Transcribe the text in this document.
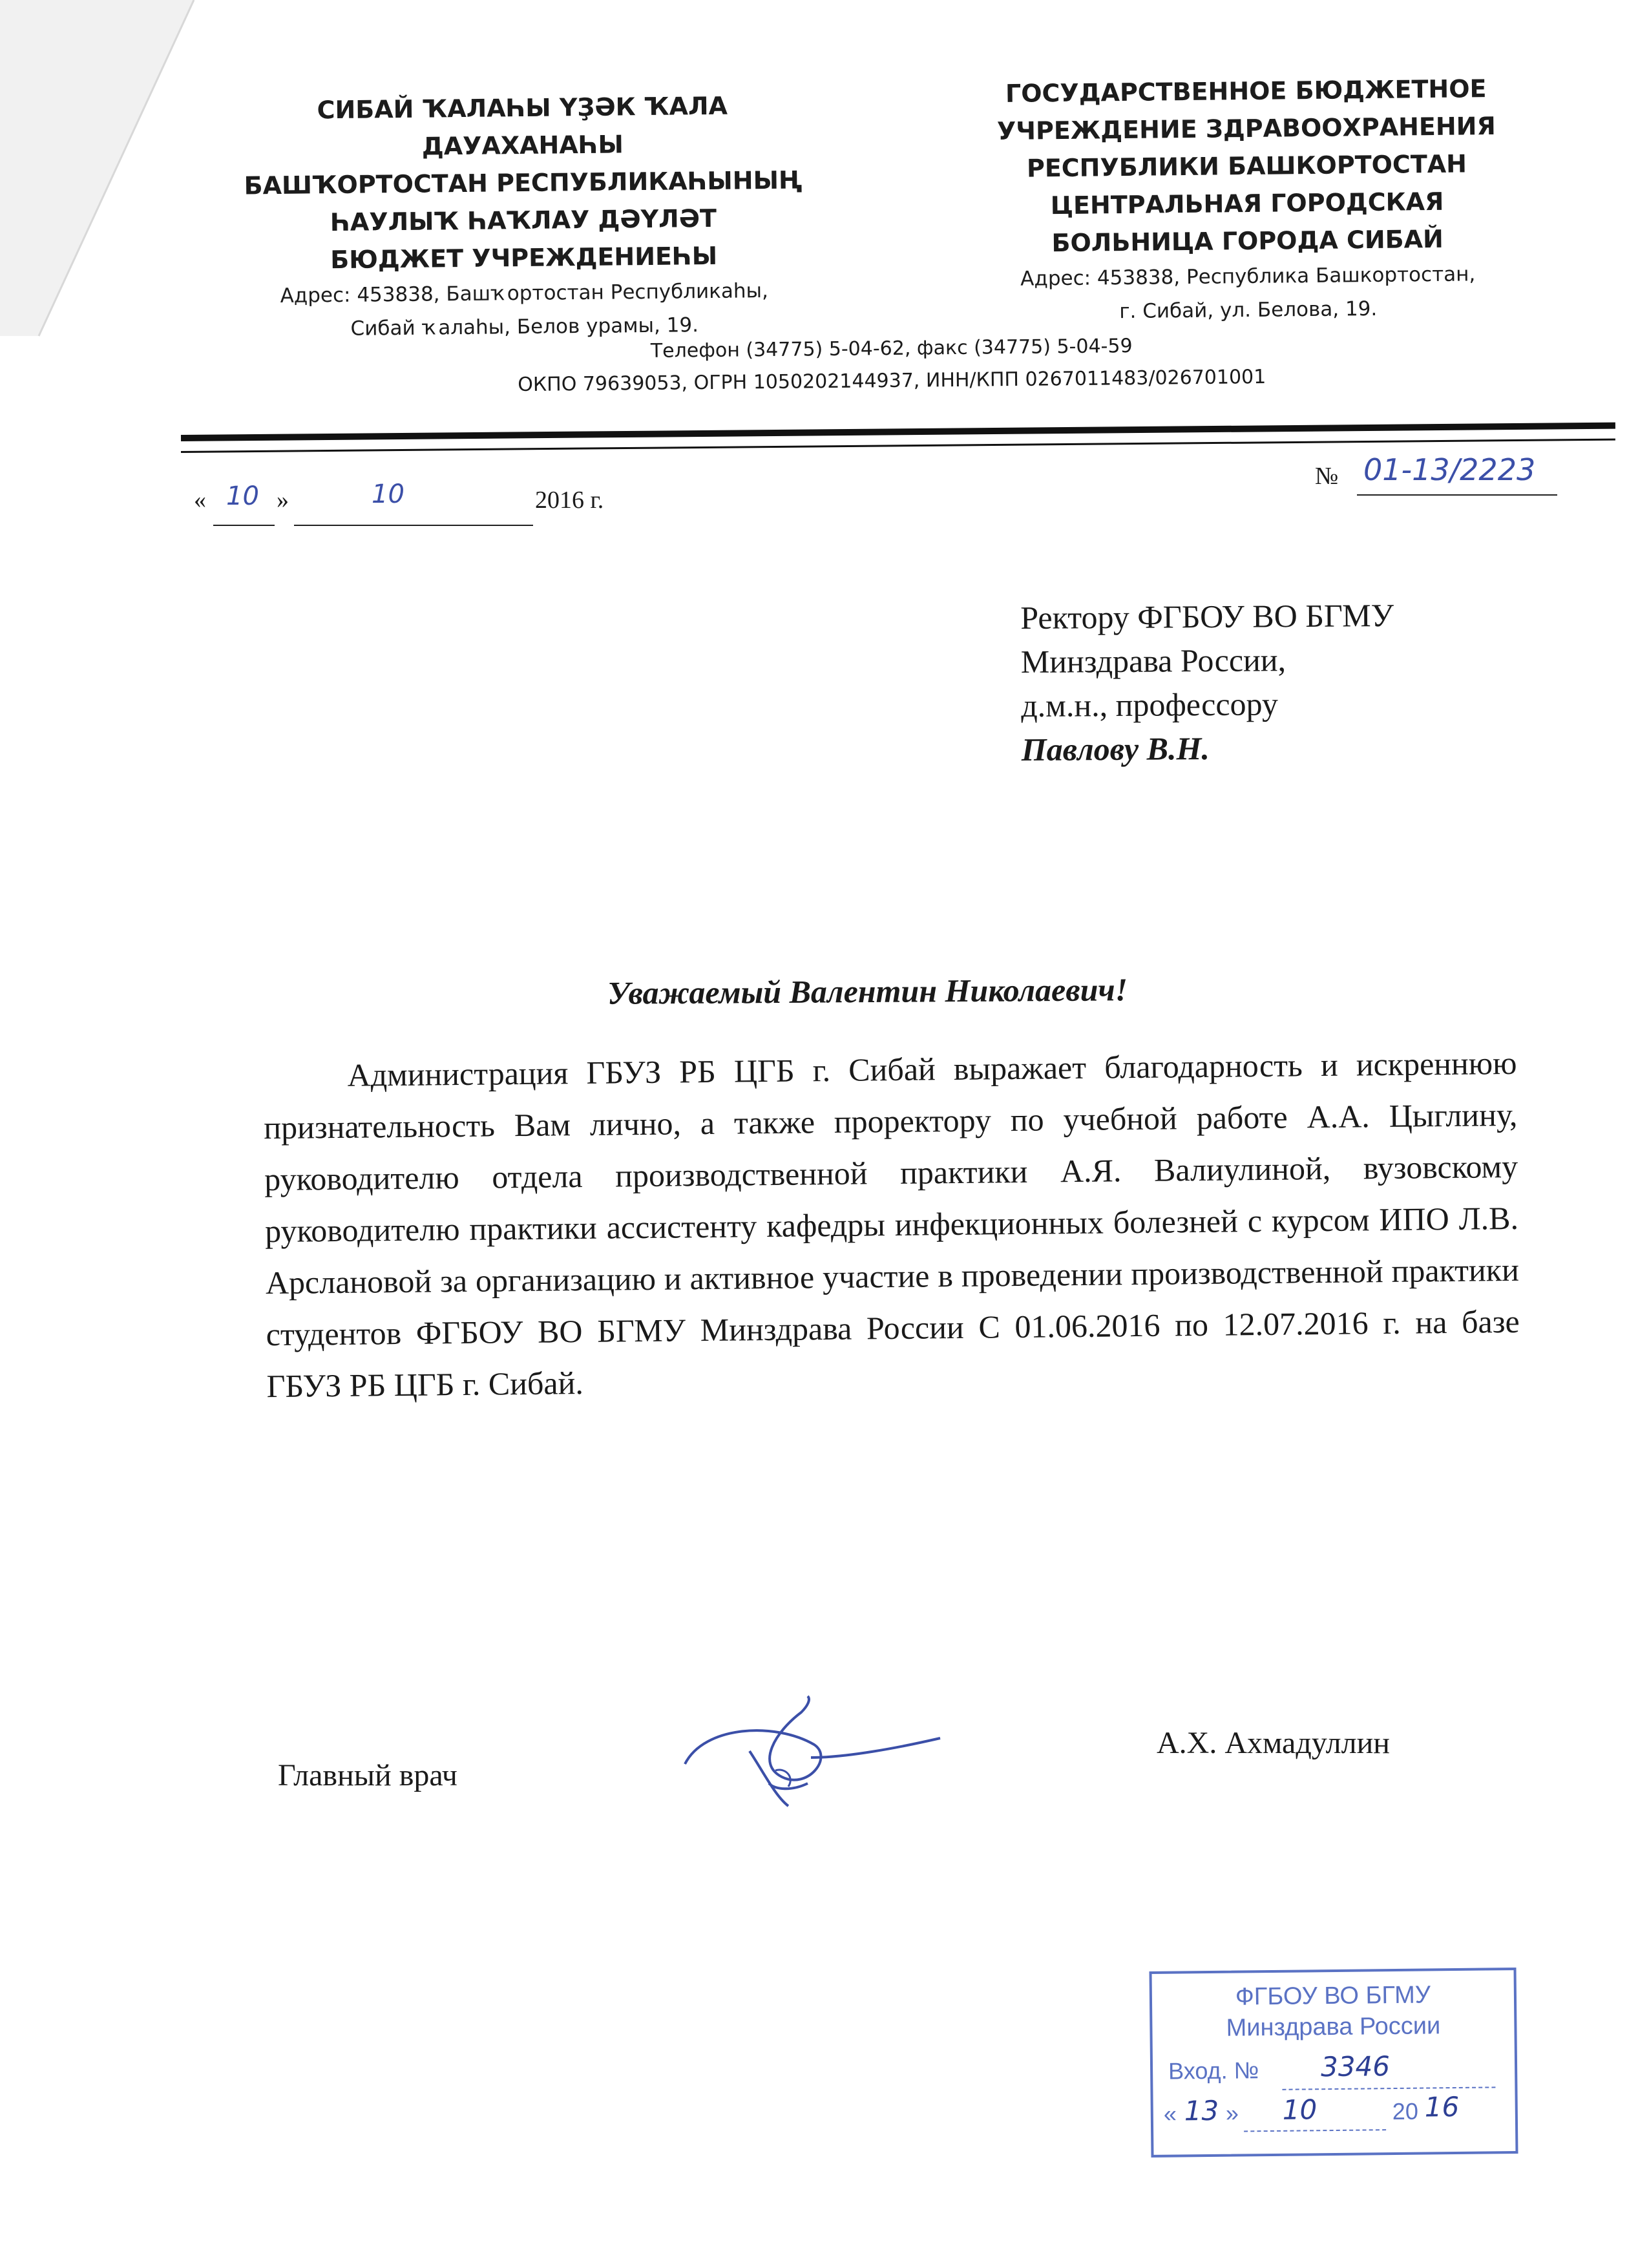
СИБАЙ ҠАЛАҺЫ ҮҘӘК ҠАЛА ДАУАХАНАҺЫ
БАШҠОРТОСТАН РЕСПУБЛИКАҺЫНЫҢ
ҺАУЛЫҠ ҺАҠЛАУ ДӘҮЛӘТ
БЮДЖЕТ УЧРЕЖДЕНИЕҺЫ
Адрес: 453838, Башҡортостан Республикаһы,
Сибай ҡалаһы, Белов урамы, 19.
ГОСУДАРСТВЕННОЕ БЮДЖЕТНОЕ
УЧРЕЖДЕНИЕ ЗДРАВООХРАНЕНИЯ
РЕСПУБЛИКИ БАШКОРТОСТАН
ЦЕНТРАЛЬНАЯ ГОРОДСКАЯ
БОЛЬНИЦА ГОРОДА СИБАЙ
Адрес: 453838, Республика Башкортостан,
г. Сибай, ул. Белова, 19.
Телефон (34775) 5-04-62, факс (34775) 5-04-59
ОКПО 79639053, ОГРН 1050202144937, ИНН/КПП 0267011483/026701001
« 10 »	10	2016 г.
№ 01-13/2223
Ректору ФГБОУ ВО БГМУ
Минздрава России,
д.м.н., профессору
Павлову В.Н.
Уважаемый Валентин Николаевич!
Администрация ГБУЗ РБ ЦГБ г. Сибай выражает благодарность и искреннюю признательность Вам лично, а также проректору по учебной работе А.А. Цыглину, руководителю отдела производственной практики А.Я. Валиулиной, вузовскому руководителю практики ассистенту кафедры инфекционных болезней с курсом ИПО Л.В. Арслановой за организацию и активное участие в проведении производственной практики студентов ФГБОУ ВО БГМУ Минздрава России С 01.06.2016 по 12.07.2016 г. на базе ГБУЗ РБ ЦГБ г. Сибай.
Главный врач
А.Х. Ахмадуллин
ФГБОУ ВО БГМУ
Минздрава России
Вход. № 3346
« 13 » 10	20 16
